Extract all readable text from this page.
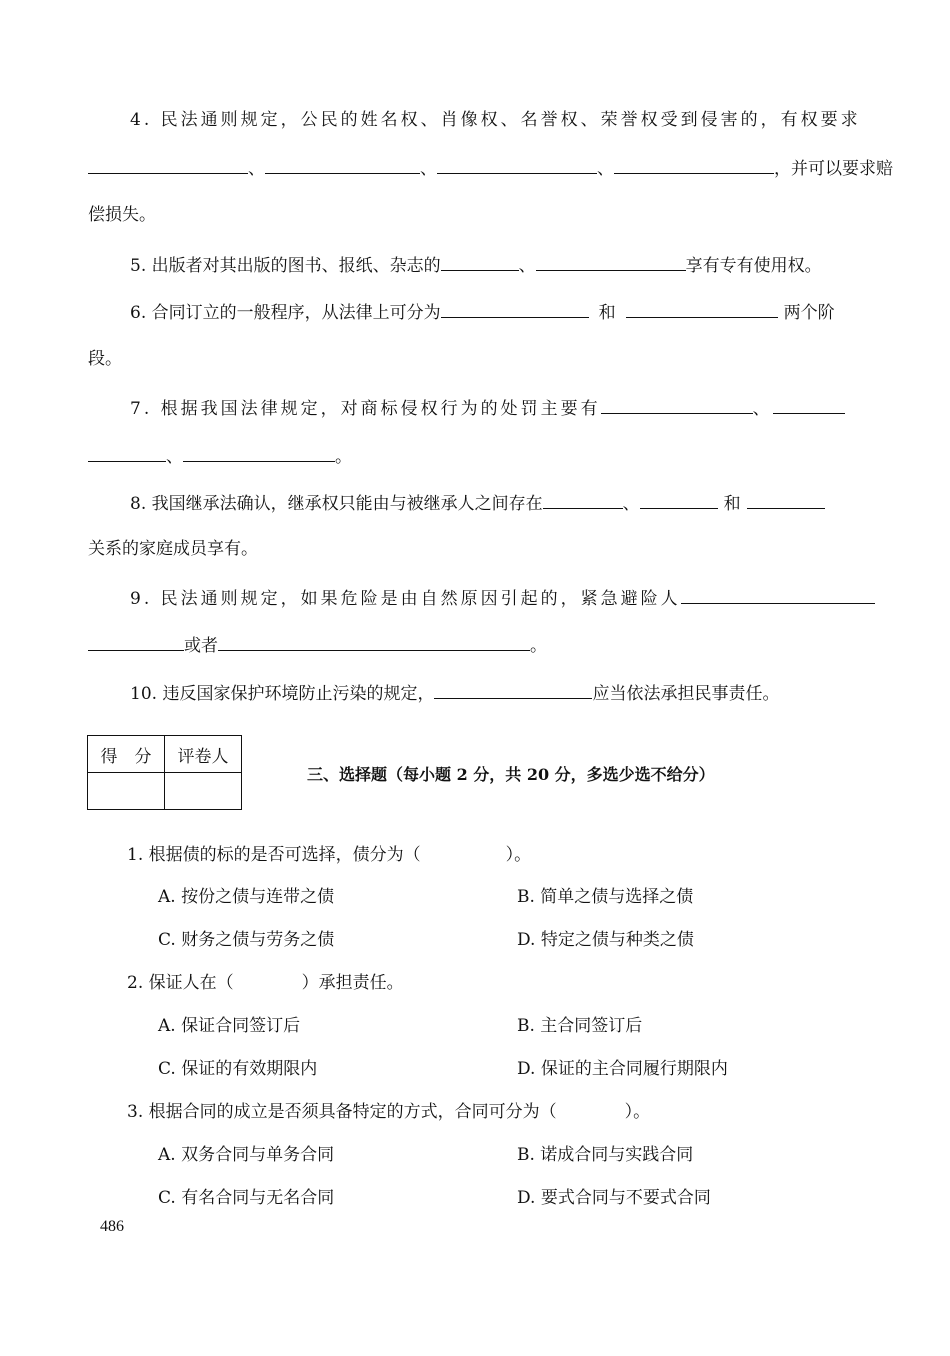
4. 民法通则规定，公民的姓名权、肖像权、名誉权、荣誉权受到侵害的，有权要求
、	、	、	，并可以要求赔
偿损失。
5. 出版者对其出版的图书、报纸、杂志的	、	享有专有使用权。
6. 合同订立的一般程序，从法律上可分为	和	两个阶
段。
7. 根据我国法律规定，对商标侵权行为的处罚主要有	、
、	。
8. 我国继承法确认，继承权只能由与被继承人之间存在	、	和
关系的家庭成员享有。
9. 民法通则规定，如果危险是由自然原因引起的，紧急避险人
或者	。
10. 违反国家保护环境防止污染的规定，	应当依法承担民事责任。
得　分	评卷人

三、选择题（每小题 2 分，共 20 分，多选少选不给分）
1. 根据债的标的是否可选择，债分为（　　　　　）。
A. 按份之债与连带之债	B. 简单之债与选择之债
C. 财务之债与劳务之债	D. 特定之债与种类之债
2. 保证人在（　　　　）承担责任。
A. 保证合同签订后	B. 主合同签订后
C. 保证的有效期限内	D. 保证的主合同履行期限内
3. 根据合同的成立是否须具备特定的方式，合同可分为（　　　　）。
A. 双务合同与单务合同	B. 诺成合同与实践合同
C. 有名合同与无名合同	D. 要式合同与不要式合同
486
